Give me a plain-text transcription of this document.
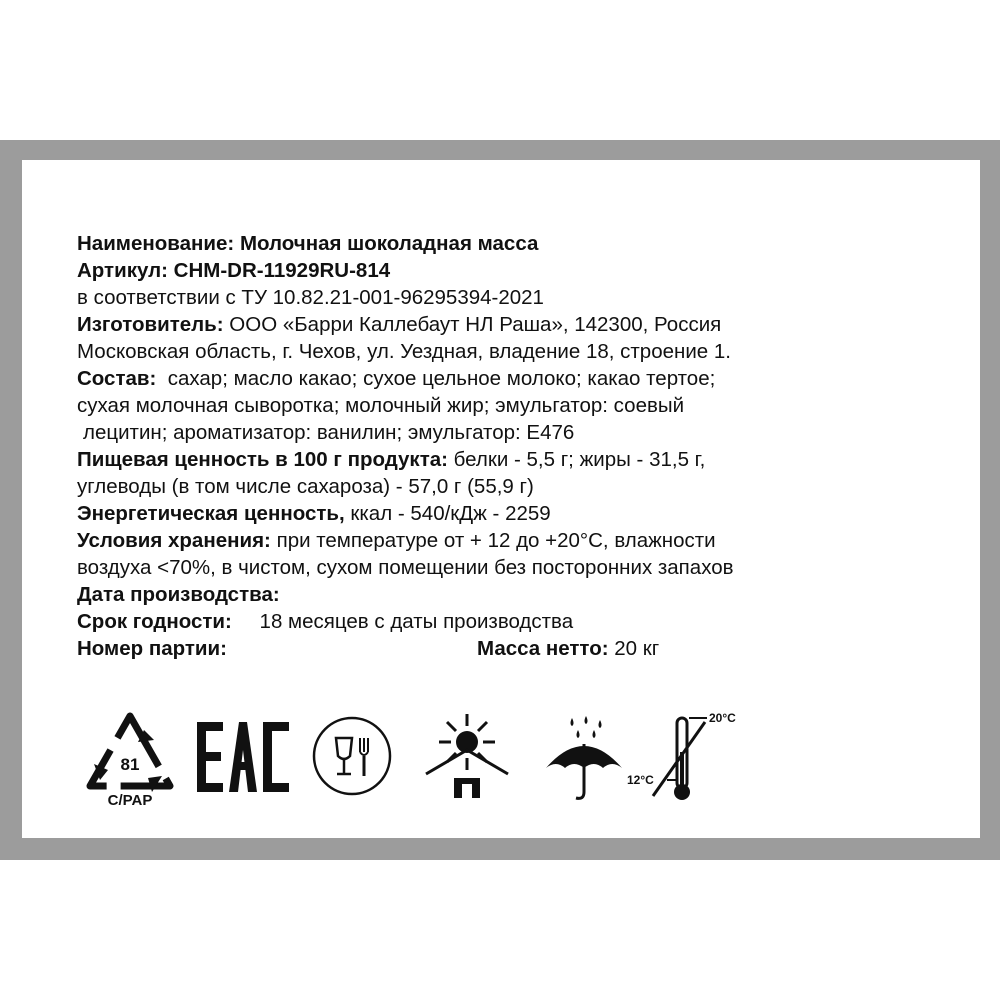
Наименование: Молочная шоколадная масса
Артикул: CHM-DR-11929RU-814
в соответствии с ТУ 10.82.21-001-96295394-2021
Изготовитель: ООО «Барри Каллебаут НЛ Раша», 142300, Россия
Московская область, г. Чехов, ул. Уездная, владение 18, строение 1.
Состав: сахар; масло какао; сухое цельное молоко; какао тертое;
сухая молочная сыворотка; молочный жир; эмульгатор: соевый
лецитин; ароматизатор: ванилин; эмульгатор: Е476
Пищевая ценность в 100 г продукта: белки - 5,5 г; жиры - 31,5 г,
углеводы (в том числе сахароза) - 57,0 г (55,9 г)
Энергетическая ценность, ккал - 540/кДж - 2259
Условия хранения: при температуре от + 12 до +20°С, влажности
воздуха <70%, в чистом, сухом помещении без посторонних запахов
Дата производства:
Срок годности: 18 месяцев с даты производства
Номер партии:	Масса нетто: 20 кг
81
C/PAP
20°C
12°C
